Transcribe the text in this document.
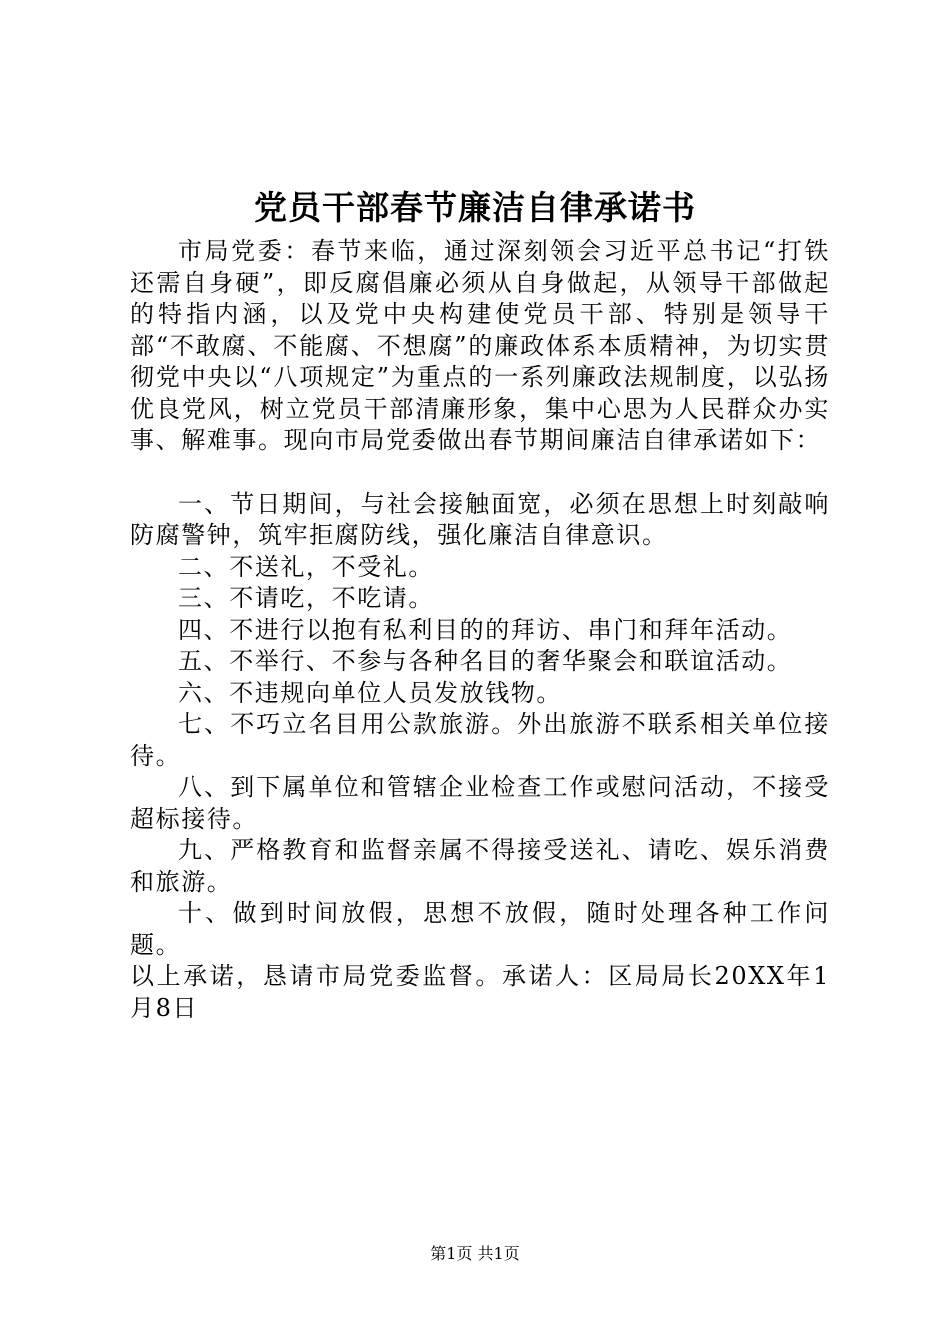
党员干部春节廉洁自律承诺书

市局党委：春节来临，通过深刻领会习近平总书记“打铁还需自身硬”，即反腐倡廉必须从自身做起，从领导干部做起的特指内涵，以及党中央构建使党员干部、特别是领导干部“不敢腐、不能腐、不想腐”的廉政体系本质精神，为切实贯彻党中央以“八项规定”为重点的一系列廉政法规制度，以弘扬优良党风，树立党员干部清廉形象，集中心思为人民群众办实事、解难事。现向市局党委做出春节期间廉洁自律承诺如下：

一、节日期间，与社会接触面宽，必须在思想上时刻敲响防腐警钟，筑牢拒腐防线，强化廉洁自律意识。

二、不送礼，不受礼。

三、不请吃，不吃请。

四、不进行以抱有私利目的的拜访、串门和拜年活动。

五、不举行、不参与各种名目的奢华聚会和联谊活动。

六、不违规向单位人员发放钱物。

七、不巧立名目用公款旅游。外出旅游不联系相关单位接待。

八、到下属单位和管辖企业检查工作或慰问活动，不接受超标接待。

九、严格教育和监督亲属不得接受送礼、请吃、娱乐消费和旅游。

十、做到时间放假，思想不放假，随时处理各种工作问题。

以上承诺，恳请市局党委监督。承诺人：区局局长20XX年1月8日

第1页 共1页
